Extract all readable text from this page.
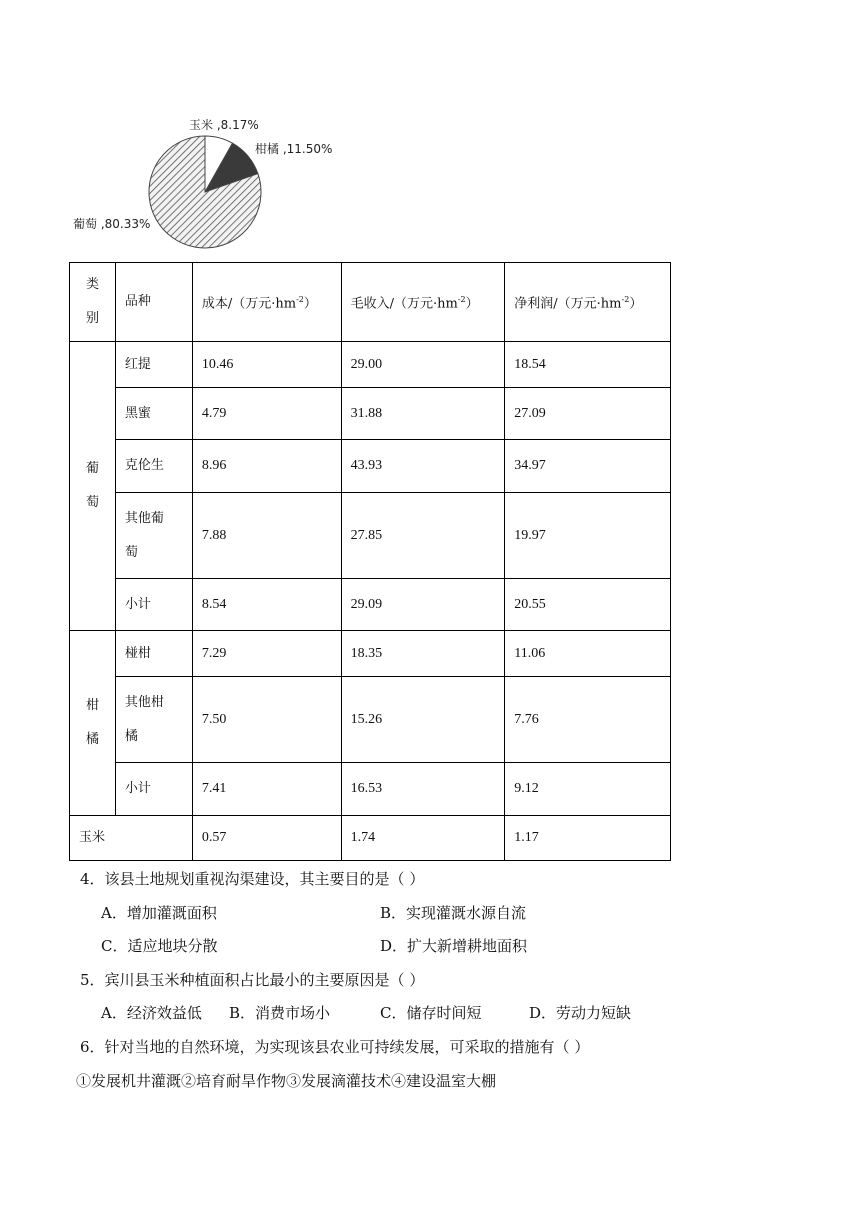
玉米 ,8.17%
柑橘 ,11.50%
葡萄 ,80.33%
类别	品种	成本/（万元$\cdot hm^{-2}$）	毛收入/（万元$\cdot hm^{-2}$）	净利润/（万元$\cdot hm^{-2}$）
葡萄	红提	10.46	29.00	18.54
	黑蜜	4.79	31.88	27.09
	克伦生	8.96	43.93	34.97
	其他葡萄	7.88	27.85	19.97
	小计	8.54	29.09	20.55
柑橘	椪柑	7.29	18.35	11.06
	其他柑橘	7.50	15.26	7.76
	小计	7.41	16.53	9.12
玉米		0.57	1.74	1.17
4．该县土地规划重视沟渠建设，其主要目的是（ ）
A．增加灌溉面积	B．实现灌溉水源自流
C．适应地块分散	D．扩大新增耕地面积
5．宾川县玉米种植面积占比最小的主要原因是（ ）
A．经济效益低 B．消费市场小	C．储存时间短	D．劳动力短缺
6．针对当地的自然环境，为实现该县农业可持续发展，可采取的措施有（ ）
①发展机井灌溉②培育耐旱作物③发展滴灌技术④建设温室大棚
